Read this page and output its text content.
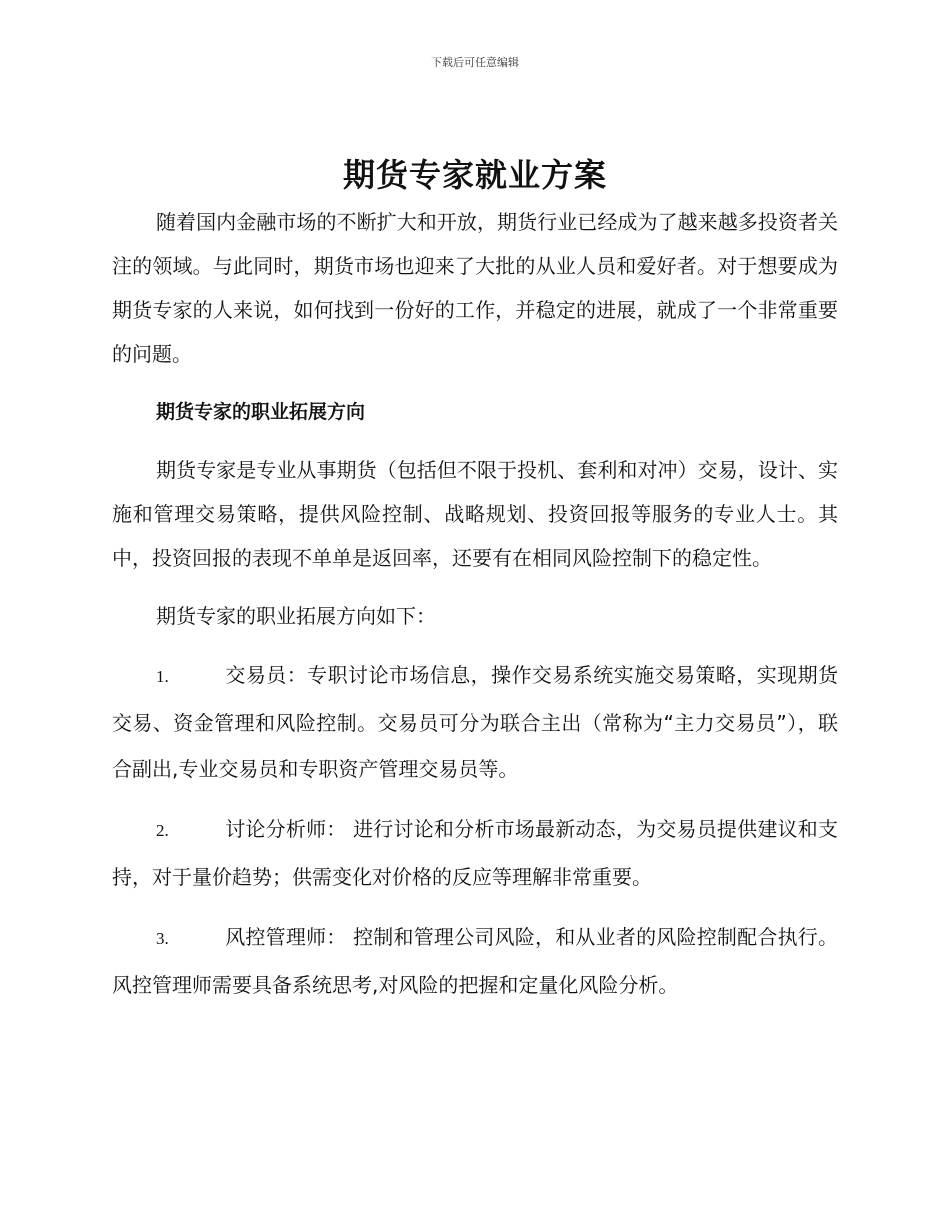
下载后可任意编辑
期货专家就业方案

随着国内金融市场的不断扩大和开放，期货行业已经成为了越来越多投资者关注的领域。与此同时，期货市场也迎来了大批的从业人员和爱好者。对于想要成为期货专家的人来说，如何找到一份好的工作，并稳定的进展，就成了一个非常重要的问题。

期货专家的职业拓展方向

期货专家是专业从事期货（包括但不限于投机、套利和对冲）交易，设计、实施和管理交易策略，提供风险控制、战略规划、投资回报等服务的专业人士。其中，投资回报的表现不单单是返回率，还要有在相同风险控制下的稳定性。

期货专家的职业拓展方向如下：

1.	交易员：专职讨论市场信息，操作交易系统实施交易策略，实现期货交易、资金管理和风险控制。交易员可分为联合主出（常称为“主力交易员”），联合副出,专业交易员和专职资产管理交易员等。

2.	讨论分析师： 进行讨论和分析市场最新动态，为交易员提供建议和支持，对于量价趋势；供需变化对价格的反应等理解非常重要。

3.	风控管理师： 控制和管理公司风险，和从业者的风险控制配合执行。风控管理师需要具备系统思考,对风险的把握和定量化风险分析。
